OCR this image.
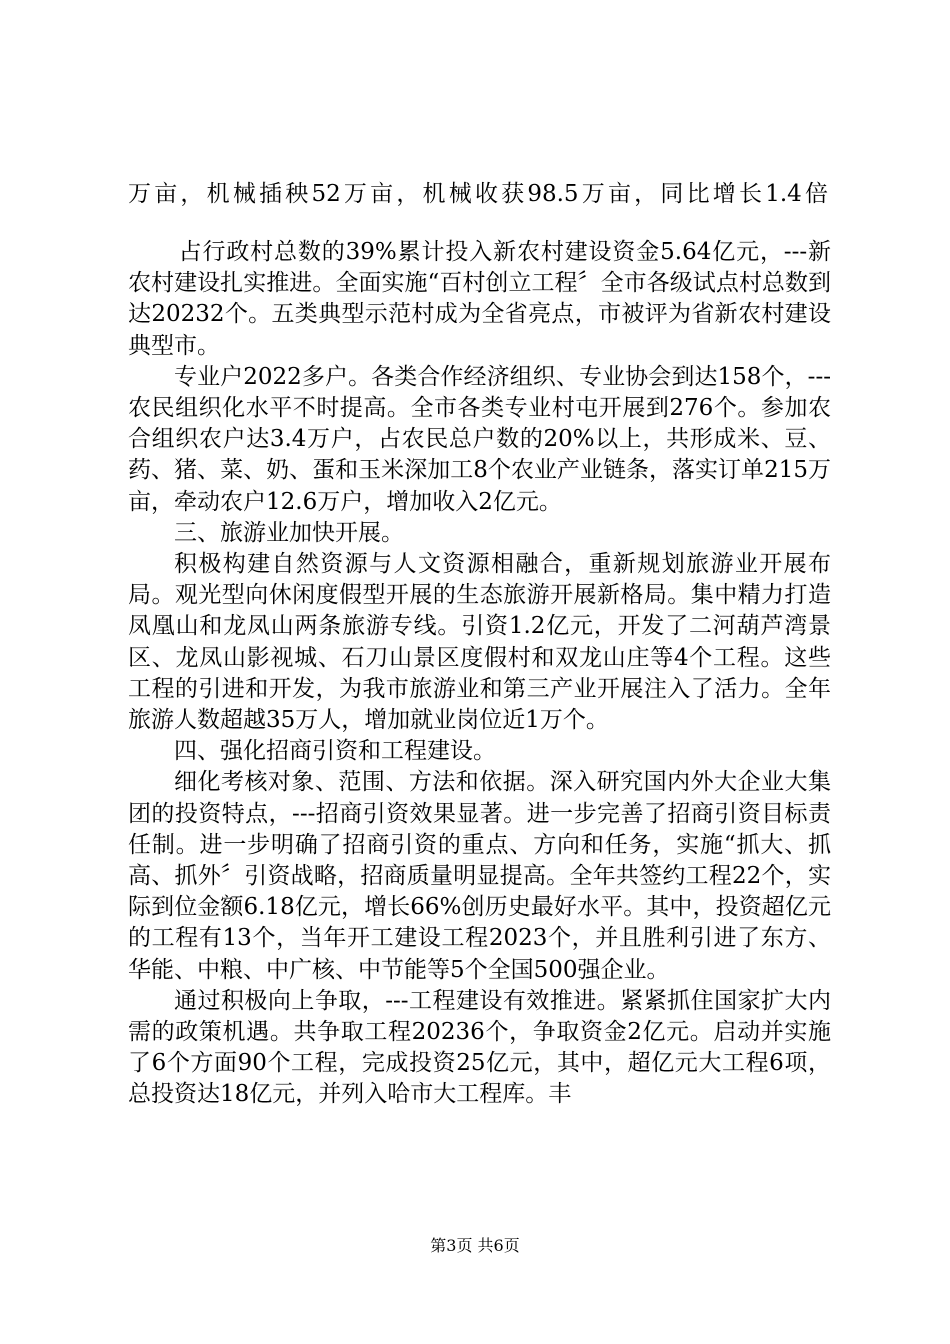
万亩，机械插秧52万亩，机械收获98.5万亩，同比增长1.4倍

占行政村总数的39%累计投入新农村建设资金5.64亿元，---新农村建设扎实推进。全面实施“百村创立工程〞全市各级试点村总数到达20232个。五类典型示范村成为全省亮点，市被评为省新农村建设典型市。

专业户2022多户。各类合作经济组织、专业协会到达158个，---农民组织化水平不时提高。全市各类专业村屯开展到276个。参加农合组织农户达3.4万户，占农民总户数的20%以上，共形成米、豆、药、猪、菜、奶、蛋和玉米深加工8个农业产业链条，落实订单215万亩，牵动农户12.6万户，增加收入2亿元。

三、旅游业加快开展。

积极构建自然资源与人文资源相融合，重新规划旅游业开展布局。观光型向休闲度假型开展的生态旅游开展新格局。集中精力打造凤凰山和龙凤山两条旅游专线。引资1.2亿元，开发了二河葫芦湾景区、龙凤山影视城、石刀山景区度假村和双龙山庄等4个工程。这些工程的引进和开发，为我市旅游业和第三产业开展注入了活力。全年旅游人数超越35万人，增加就业岗位近1万个。

四、强化招商引资和工程建设。

细化考核对象、范围、方法和依据。深入研究国内外大企业大集团的投资特点，---招商引资效果显著。进一步完善了招商引资目标责任制。进一步明确了招商引资的重点、方向和任务，实施“抓大、抓高、抓外〞引资战略，招商质量明显提高。全年共签约工程22个，实际到位金额6.18亿元，增长66%创历史最好水平。其中，投资超亿元的工程有13个，当年开工建设工程2023个，并且胜利引进了东方、华能、中粮、中广核、中节能等5个全国500强企业。

通过积极向上争取，---工程建设有效推进。紧紧抓住国家扩大内需的政策机遇。共争取工程20236个，争取资金2亿元。启动并实施了6个方面90个工程，完成投资25亿元，其中，超亿元大工程6项，总投资达18亿元，并列入哈市大工程库。丰

第3页 共6页
